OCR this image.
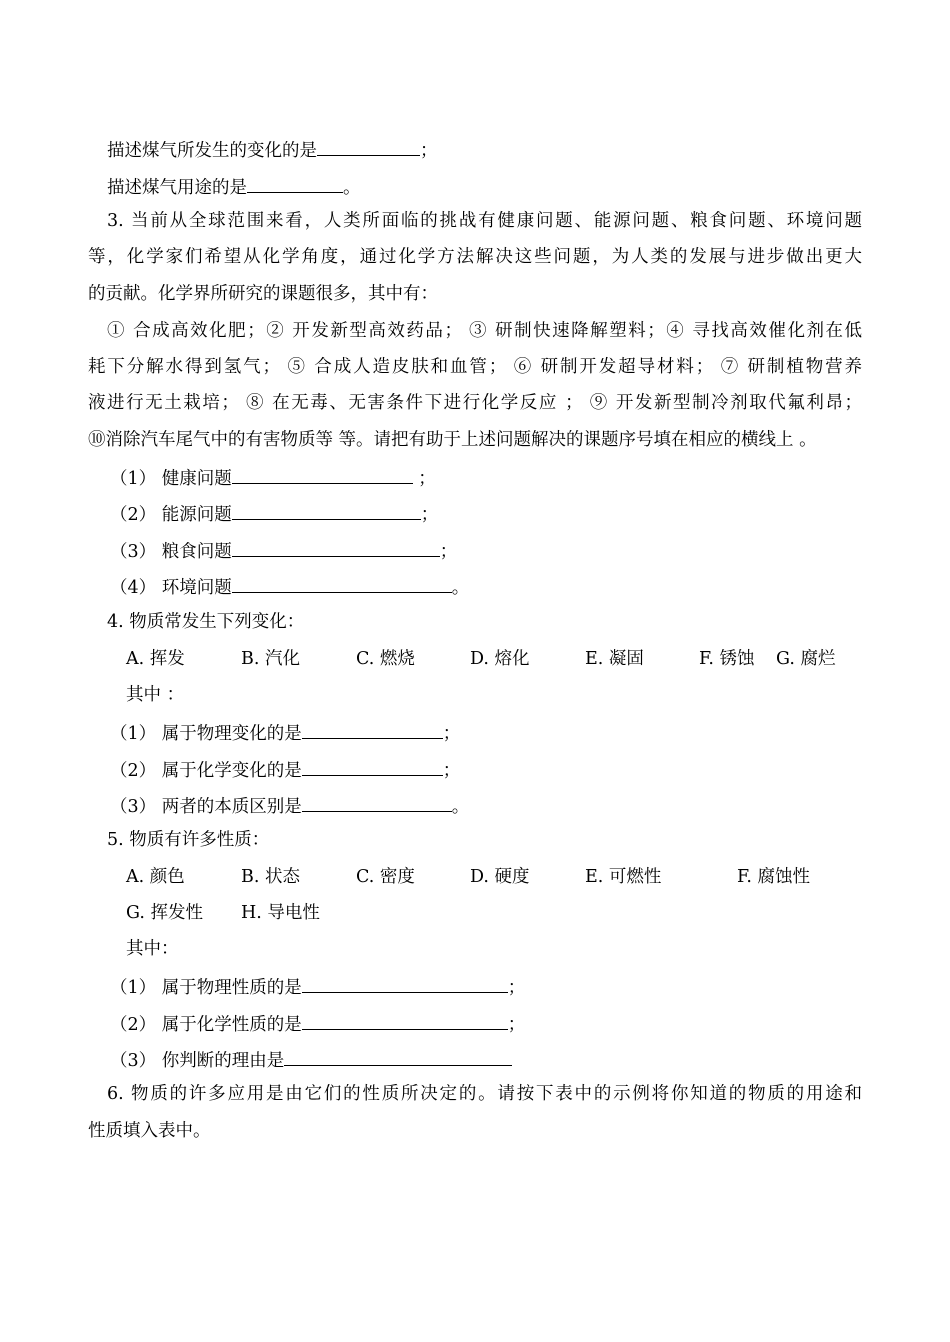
描述煤气所发生的变化的是	；
描述煤气用途的是	。
3. 当前从全球范围来看，人类所面临的挑战有健康问题、能源问题、粮食问题、环境问题
等，化学家们希望从化学角度，通过化学方法解决这些问题，为人类的发展与进步做出更大
的贡献。化学界所研究的课题很多，其中有：
① 合成高效化肥；② 开发新型高效药品； ③ 研制快速降解塑料；④ 寻找高效催化剂在低
耗下分解水得到氢气； ⑤ 合成人造皮肤和血管； ⑥ 研制开发超导材料； ⑦ 研制植物营养
液进行无土栽培； ⑧ 在无毒、无害条件下进行化学反应 ； ⑨ 开发新型制冷剂取代氟利昂；
⑩消除汽车尾气中的有害物质等 等。请把有助于上述问题解决的课题序号填在相应的横线上 。
（1） 健康问题	；
（2） 能源问题	；
（3） 粮食问题	；
（4） 环境问题	。
4. 物质常发生下列变化：
A. 挥发	B. 汽化	C. 燃烧	D. 熔化	E. 凝固	F. 锈蚀 G. 腐烂
其中 ：
（1） 属于物理变化的是	；
（2） 属于化学变化的是	；
（3） 两者的本质区别是	。
5. 物质有许多性质：
A. 颜色	B. 状态	C. 密度	D. 硬度	E. 可燃性	F. 腐蚀性
G. 挥发性 H. 导电性
其中：
（1） 属于物理性质的是	；
（2） 属于化学性质的是	；
（3） 你判断的理由是
6. 物质的许多应用是由它们的性质所决定的。请按下表中的示例将你知道的物质的用途和
性质填入表中。
